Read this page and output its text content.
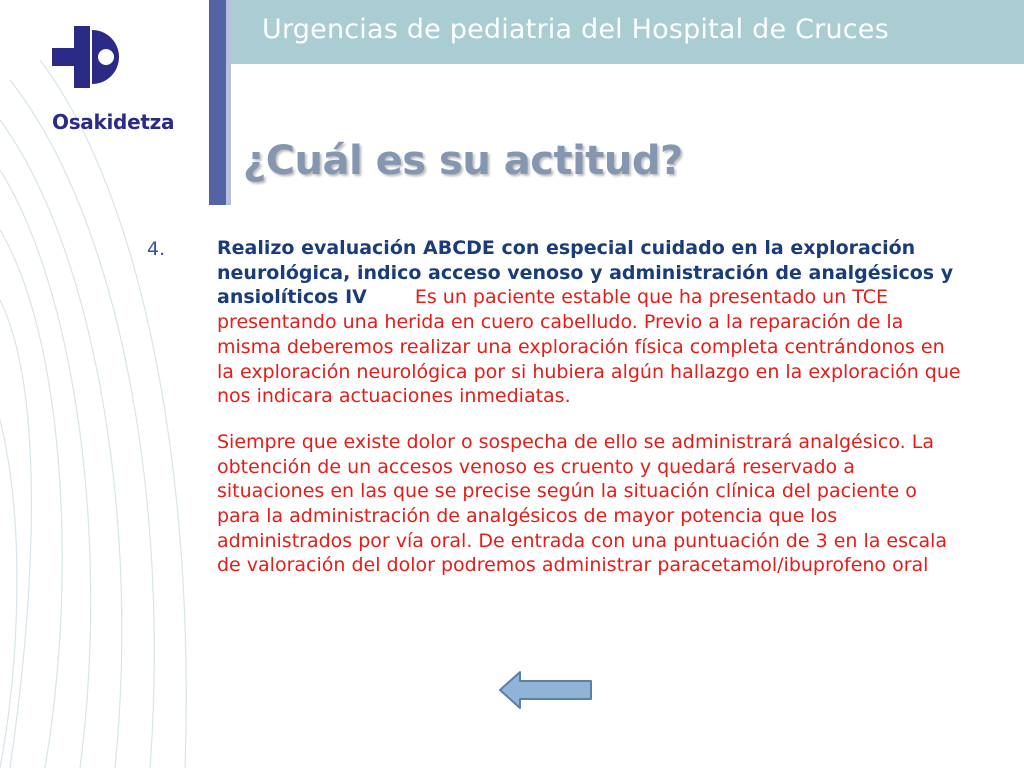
Urgencias de pediatria del Hospital de Cruces
Osakidetza
¿Cuál es su actitud?
4.	Realizo evaluación ABCDE con especial cuidado en la exploración neurológica, indico acceso venoso y administración de analgésicos y ansiolíticos IV	Es un paciente estable que ha presentado un TCE presentando una herida en cuero cabelludo. Previo a la reparación de la misma deberemos realizar una exploración física completa centrándonos en la exploración neurológica por si hubiera algún hallazgo en la exploración que nos indicara actuaciones inmediatas.
Siempre que existe dolor o sospecha de ello se administrará analgésico. La obtención de un accesos venoso es cruento y quedará reservado a situaciones en las que se precise según la situación clínica del paciente o para la administración de analgésicos de mayor potencia que los administrados por vía oral. De entrada con una puntuación de 3 en la escala de valoración del dolor podremos administrar paracetamol/ibuprofeno oral
